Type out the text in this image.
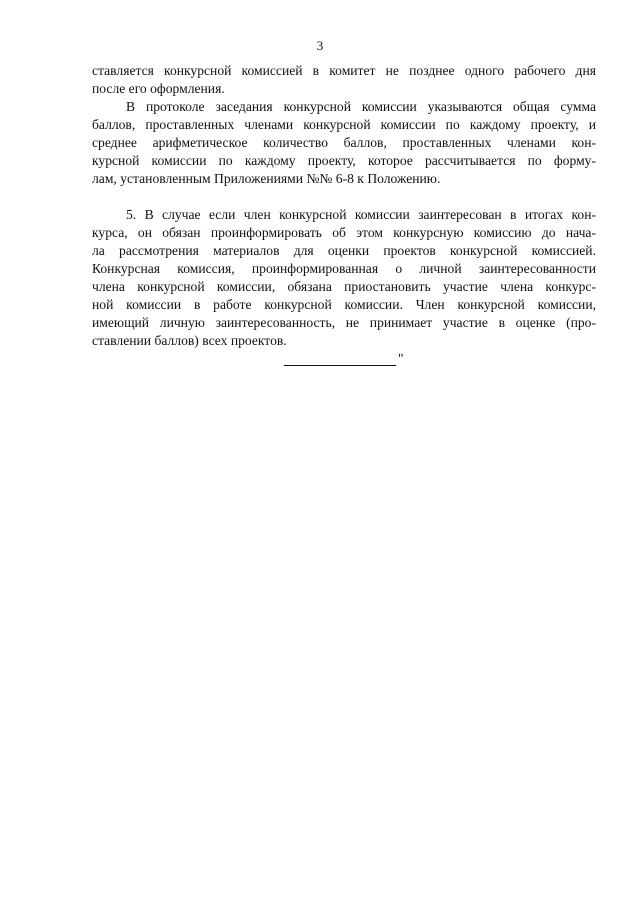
3

ставляется конкурсной комиссией в комитет не позднее одного рабочего дня
после его оформления.

В протоколе заседания конкурсной комиссии указываются общая сумма
баллов, проставленных членами конкурсной комиссии по каждому проекту, и
среднее арифметическое количество баллов, проставленных членами кон-
курсной комиссии по каждому проекту, которое рассчитывается по форму-
лам, установленным Приложениями №№ 6-8 к Положению.

5. В случае если член конкурсной комиссии заинтересован в итогах кон-
курса, он обязан проинформировать об этом конкурсную комиссию до нача-
ла рассмотрения материалов для оценки проектов конкурсной комиссией.
Конкурсная комиссия, проинформированная о личной заинтересованности
члена конкурсной комиссии, обязана приостановить участие члена конкурс-
ной комиссии в работе конкурсной комиссии. Член конкурсной комиссии,
имеющий личную заинтересованность, не принимает участие в оценке (про-
ставлении баллов) всех проектов.

"
